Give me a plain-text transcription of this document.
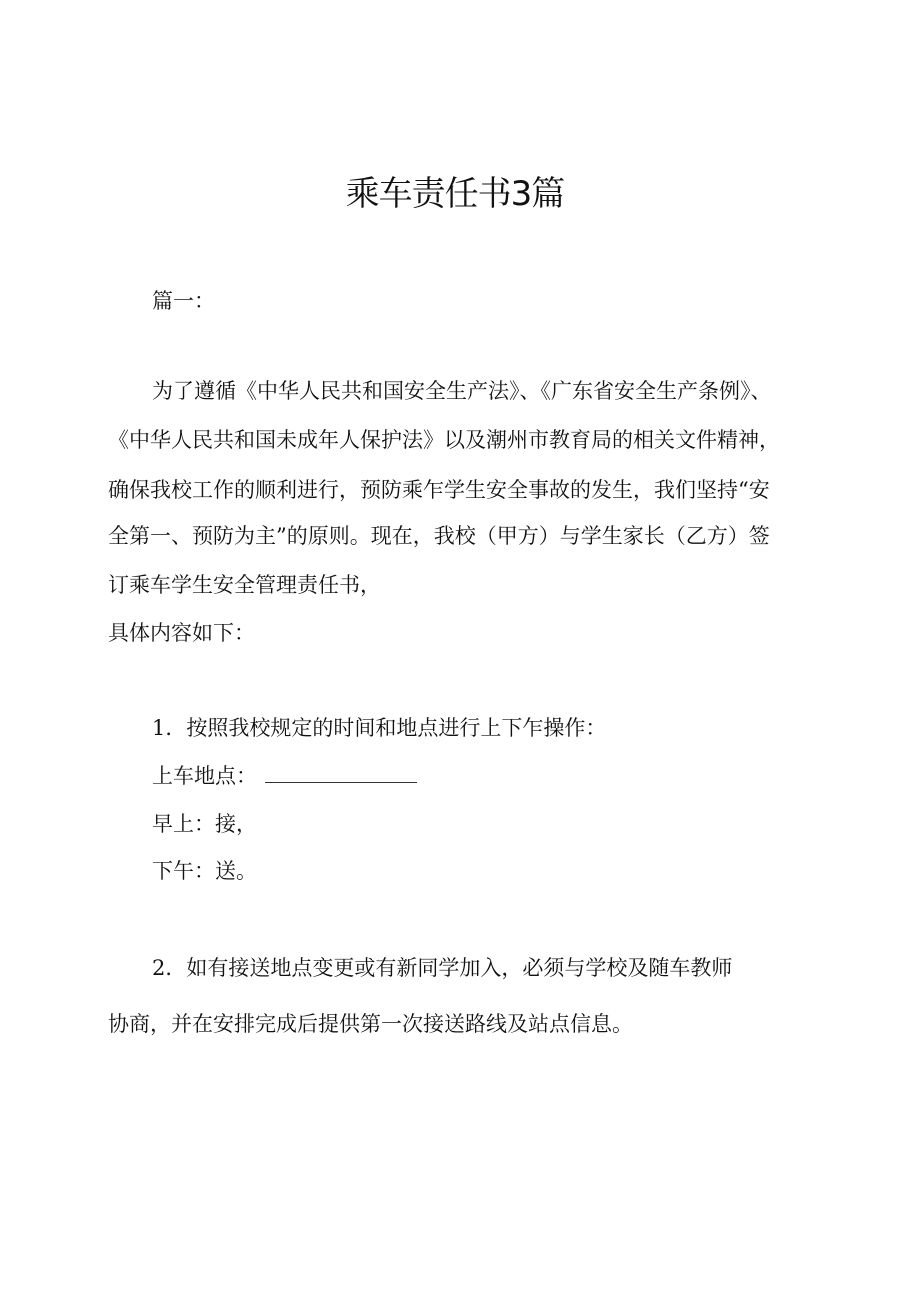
乘车责任书3篇

篇一：

为了遵循《中华人民共和国安全生产法》、《广东省安全生产条例》、

《中华人民共和国未成年人保护法》以及潮州市教育局的相关文件精神，

确保我校工作的顺利进行，预防乘乍学生安全事故的发生，我们坚持“安

全第一、预防为主”的原则。现在，我校（甲方）与学生家长（乙方）签

订乘车学生安全管理责任书，

具体内容如下：

1．按照我校规定的时间和地点进行上下乍操作：

上车地点：

早上：接，

下午：送。

2．如有接送地点变更或有新同学加入，必须与学校及随车教师

协商，并在安排完成后提供第一次接送路线及站点信息。
